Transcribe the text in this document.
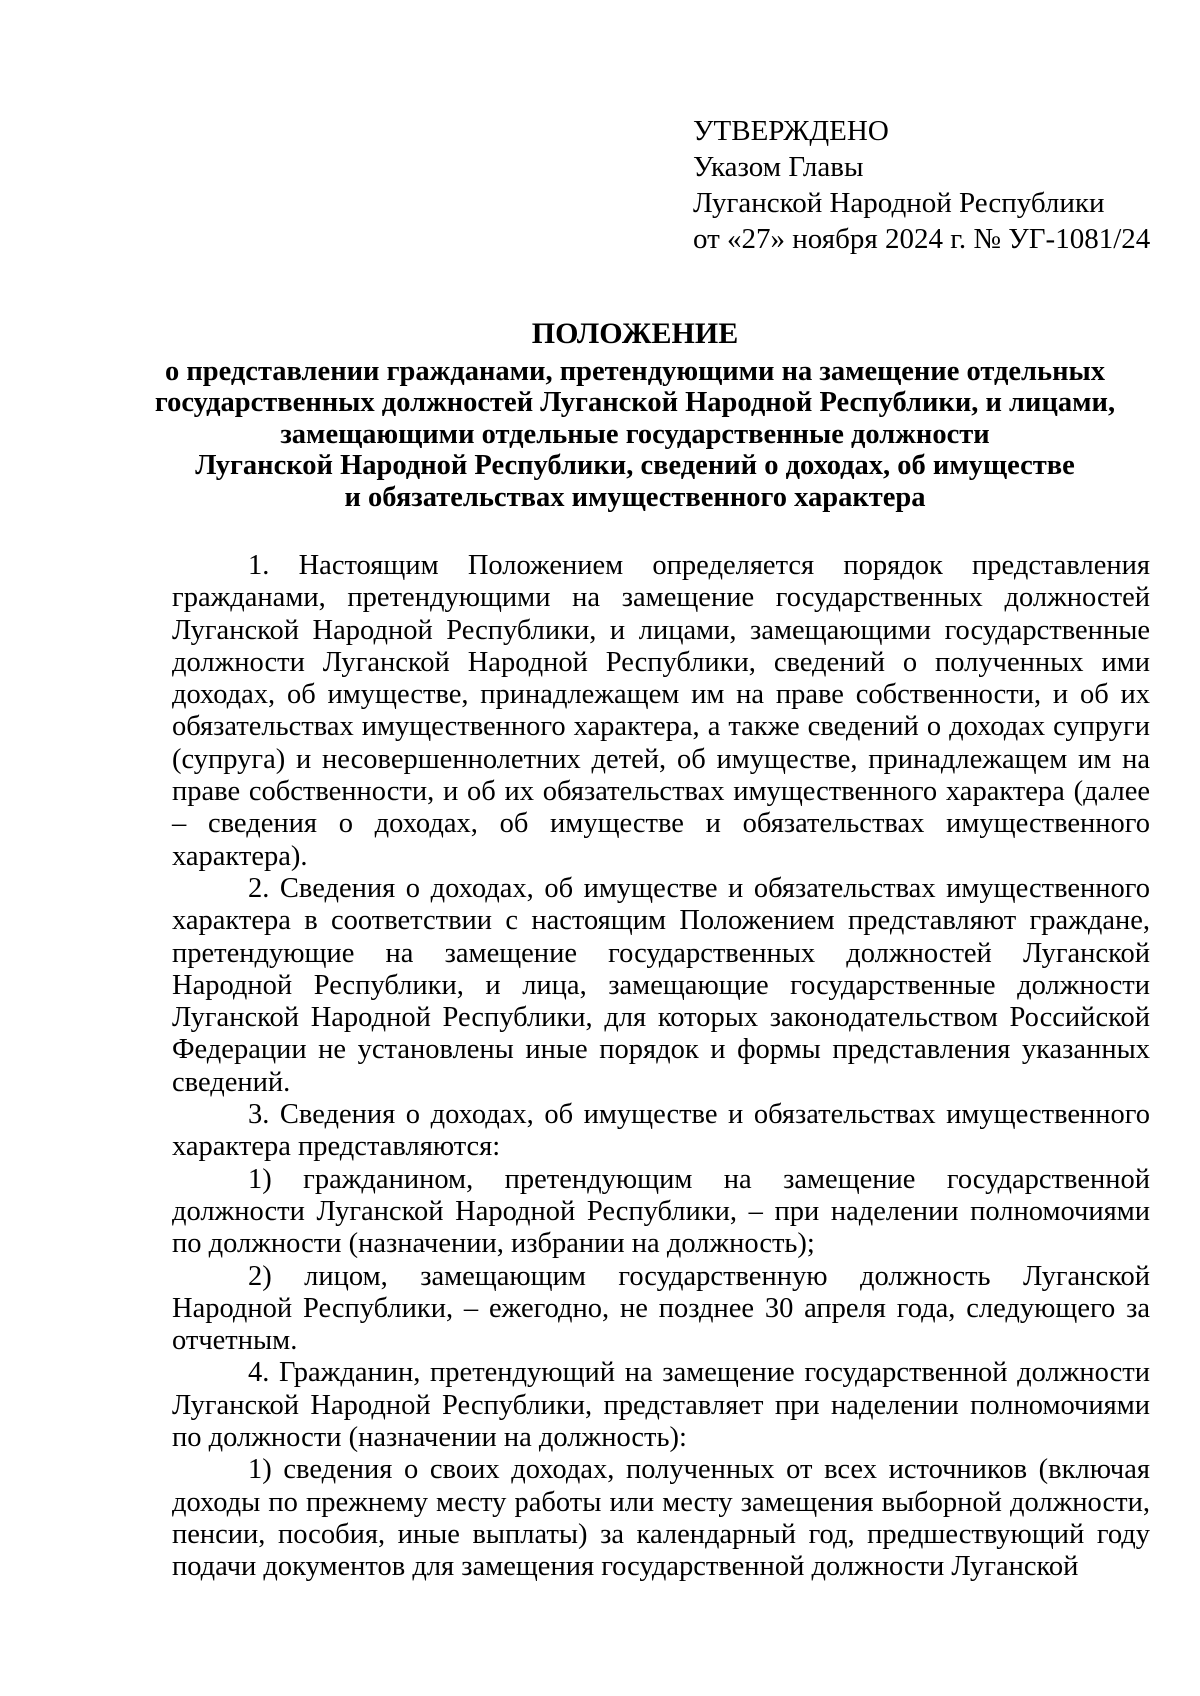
УТВЕРЖДЕНО
Указом Главы
Луганской Народной Республики
от «27» ноября 2024 г. № УГ-1081/24
ПОЛОЖЕНИЕ
о представлении гражданами, претендующими на замещение отдельных
государственных должностей Луганской Народной Республики, и лицами,
замещающими отдельные государственные должности
Луганской Народной Республики, сведений о доходах, об имуществе
и обязательствах имущественного характера

1. Настоящим Положением определяется порядок представления гражданами, претендующими на замещение государственных должностей Луганской Народной Республики, и лицами, замещающими государственные должности Луганской Народной Республики, сведений о полученных ими доходах, об имуществе, принадлежащем им на праве собственности, и об их обязательствах имущественного характера, а также сведений о доходах супруги (супруга) и несовершеннолетних детей, об имуществе, принадлежащем им на праве собственности, и об их обязательствах имущественного характера (далее – сведения о доходах, об имуществе и обязательствах имущественного характера).

2. Сведения о доходах, об имуществе и обязательствах имущественного характера в соответствии с настоящим Положением представляют граждане, претендующие на замещение государственных должностей Луганской Народной Республики, и лица, замещающие государственные должности Луганской Народной Республики, для которых законодательством Российской Федерации не установлены иные порядок и формы представления указанных сведений.

3. Сведения о доходах, об имуществе и обязательствах имущественного характера представляются:

1) гражданином, претендующим на замещение государственной должности Луганской Народной Республики, – при наделении полномочиями по должности (назначении, избрании на должность);

2) лицом, замещающим государственную должность Луганской Народной Республики, – ежегодно, не позднее 30 апреля года, следующего за отчетным.

4. Гражданин, претендующий на замещение государственной должности Луганской Народной Республики, представляет при наделении полномочиями по должности (назначении на должность):

1) сведения о своих доходах, полученных от всех источников (включая доходы по прежнему месту работы или месту замещения выборной должности, пенсии, пособия, иные выплаты) за календарный год, предшествующий году подачи документов для замещения государственной должности Луганской
